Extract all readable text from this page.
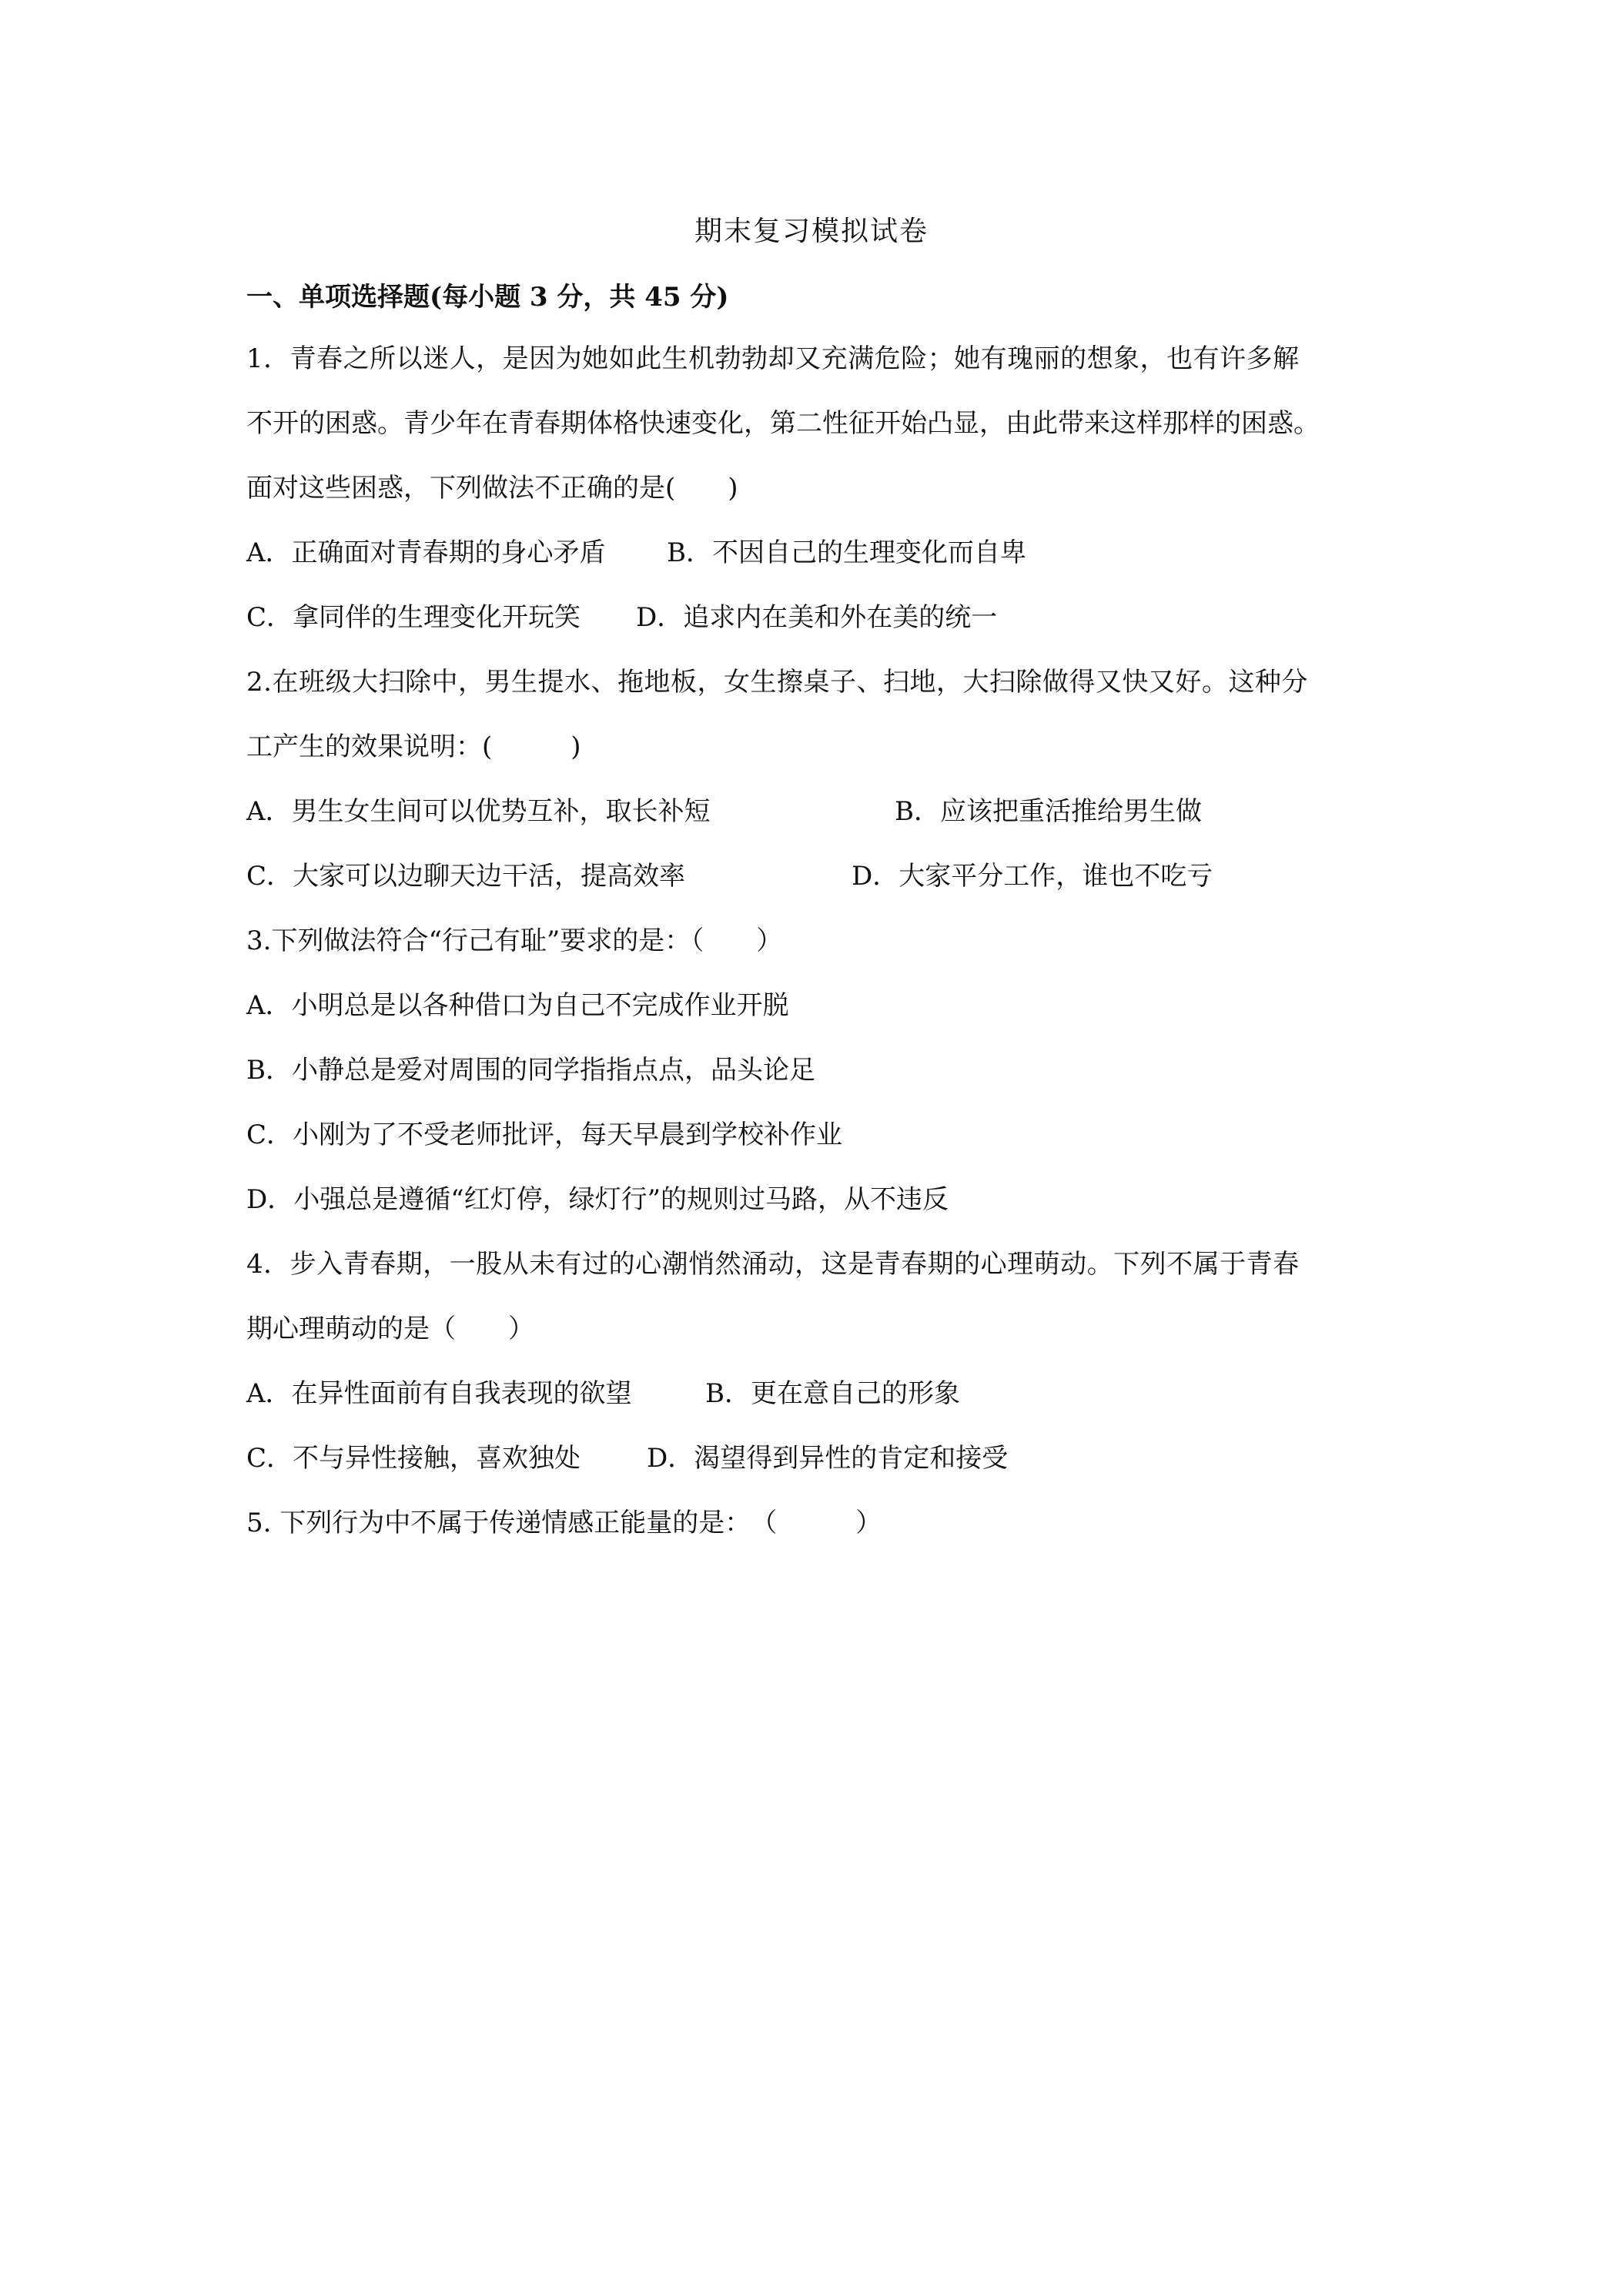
期末复习模拟试卷
一、单项选择题(每小题 3 分，共 45 分)
1．青春之所以迷人，是因为她如此生机勃勃却又充满危险；她有瑰丽的想象，也有许多解
不开的困惑。青少年在青春期体格快速变化，第二性征开始凸显，由此带来这样那样的困惑。
面对这些困惑，下列做法不正确的是(　　)
A．正确面对青春期的身心矛盾 B．不因自己的生理变化而自卑
C．拿同伴的生理变化开玩笑 D．追求内在美和外在美的统一
2.在班级大扫除中，男生提水、拖地板，女生擦桌子、扫地，大扫除做得又快又好。这种分
工产生的效果说明：(　　　)
A．男生女生间可以优势互补，取长补短	B．应该把重活推给男生做
C．大家可以边聊天边干活，提高效率	D．大家平分工作，谁也不吃亏
3.下列做法符合“行己有耻”要求的是：（　　）
A．小明总是以各种借口为自己不完成作业开脱
B．小静总是爱对周围的同学指指点点，品头论足
C．小刚为了不受老师批评，每天早晨到学校补作业
D．小强总是遵循“红灯停，绿灯行”的规则过马路，从不违反
4．步入青春期，一股从未有过的心潮悄然涌动，这是青春期的心理萌动。下列不属于青春
期心理萌动的是（　　）
A．在异性面前有自我表现的欲望	B．更在意自己的形象
C．不与异性接触，喜欢独处	D．渴望得到异性的肯定和接受
5. 下列行为中不属于传递情感正能量的是：　（　　　）
